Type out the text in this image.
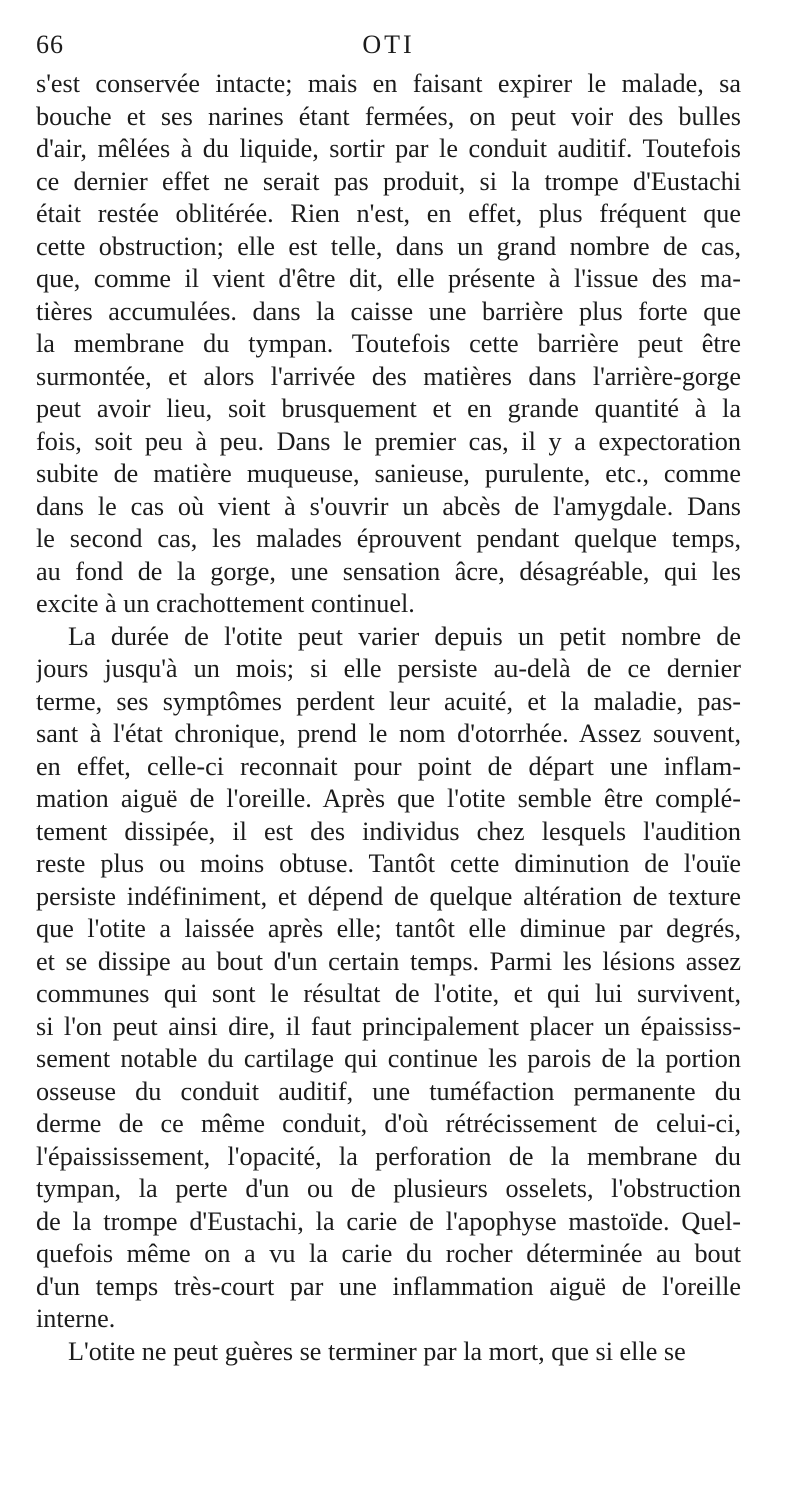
66	OTI
s'est conservée intacte; mais en faisant expirer le malade, sa
bouche et ses narines étant fermées, on peut voir des bulles
d'air, mêlées à du liquide, sortir par le conduit auditif. Toutefois
ce dernier effet ne serait pas produit, si la trompe d'Eustachi
était restée oblitérée. Rien n'est, en effet, plus fréquent que
cette obstruction; elle est telle, dans un grand nombre de cas,
que, comme il vient d'être dit, elle présente à l'issue des ma-
tières accumulées. dans la caisse une barrière plus forte que
la membrane du tympan. Toutefois cette barrière peut être
surmontée, et alors l'arrivée des matières dans l'arrière-gorge
peut avoir lieu, soit brusquement et en grande quantité à la
fois, soit peu à peu. Dans le premier cas, il y a expectoration
subite de matière muqueuse, sanieuse, purulente, etc., comme
dans le cas où vient à s'ouvrir un abcès de l'amygdale. Dans
le second cas, les malades éprouvent pendant quelque temps,
au fond de la gorge, une sensation âcre, désagréable, qui les
excite à un crachottement continuel.
La durée de l'otite peut varier depuis un petit nombre de
jours jusqu'à un mois; si elle persiste au-delà de ce dernier
terme, ses symptômes perdent leur acuité, et la maladie, pas-
sant à l'état chronique, prend le nom d'otorrhée. Assez souvent,
en effet, celle-ci reconnait pour point de départ une inflam-
mation aiguë de l'oreille. Après que l'otite semble être complé-
tement dissipée, il est des individus chez lesquels l'audition
reste plus ou moins obtuse. Tantôt cette diminution de l'ouïe
persiste indéfiniment, et dépend de quelque altération de texture
que l'otite a laissée après elle; tantôt elle diminue par degrés,
et se dissipe au bout d'un certain temps. Parmi les lésions assez
communes qui sont le résultat de l'otite, et qui lui survivent,
si l'on peut ainsi dire, il faut principalement placer un épaississ-
sement notable du cartilage qui continue les parois de la portion
osseuse du conduit auditif, une tuméfaction permanente du
derme de ce même conduit, d'où rétrécissement de celui-ci,
l'épaississement, l'opacité, la perforation de la membrane du
tympan, la perte d'un ou de plusieurs osselets, l'obstruction
de la trompe d'Eustachi, la carie de l'apophyse mastoïde. Quel-
quefois même on a vu la carie du rocher déterminée au bout
d'un temps très-court par une inflammation aiguë de l'oreille
interne.
L'otite ne peut guères se terminer par la mort, que si elle se
